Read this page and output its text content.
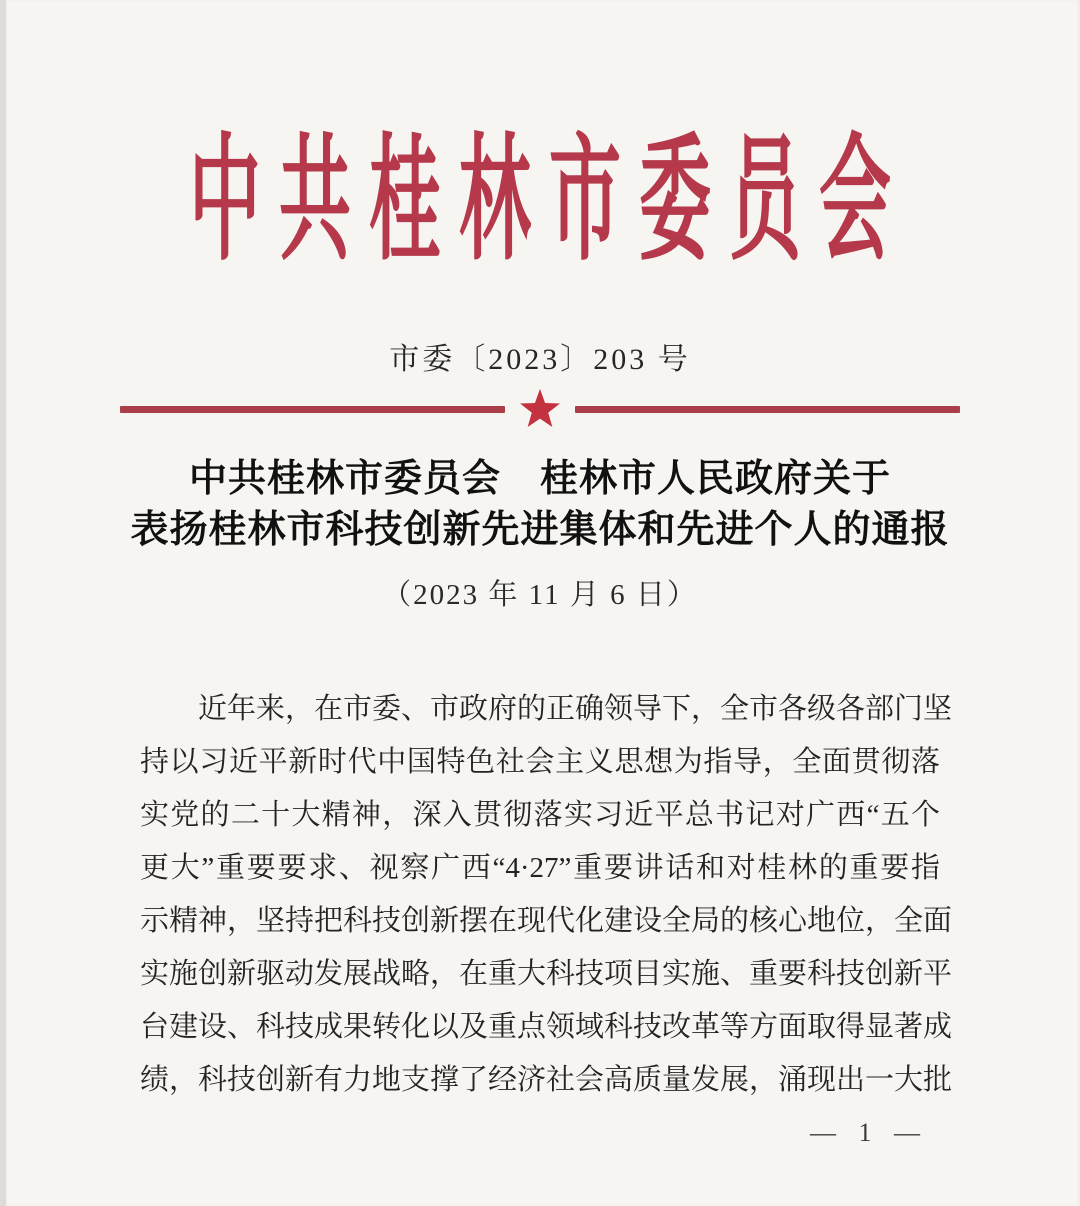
中共桂林市委员会
市委〔2023〕203 号
中共桂林市委员会　桂林市人民政府关于
表扬桂林市科技创新先进集体和先进个人的通报
（2023 年 11 月 6 日）
近年来，在市委、市政府的正确领导下，全市各级各部门坚
持以习近平新时代中国特色社会主义思想为指导，全面贯彻落
实党的二十大精神，深入贯彻落实习近平总书记对广西“五个
更大”重要要求、视察广西“4·27”重要讲话和对桂林的重要指
示精神，坚持把科技创新摆在现代化建设全局的核心地位，全面
实施创新驱动发展战略，在重大科技项目实施、重要科技创新平
台建设、科技成果转化以及重点领域科技改革等方面取得显著成
绩，科技创新有力地支撑了经济社会高质量发展，涌现出一大批
— 1 —
